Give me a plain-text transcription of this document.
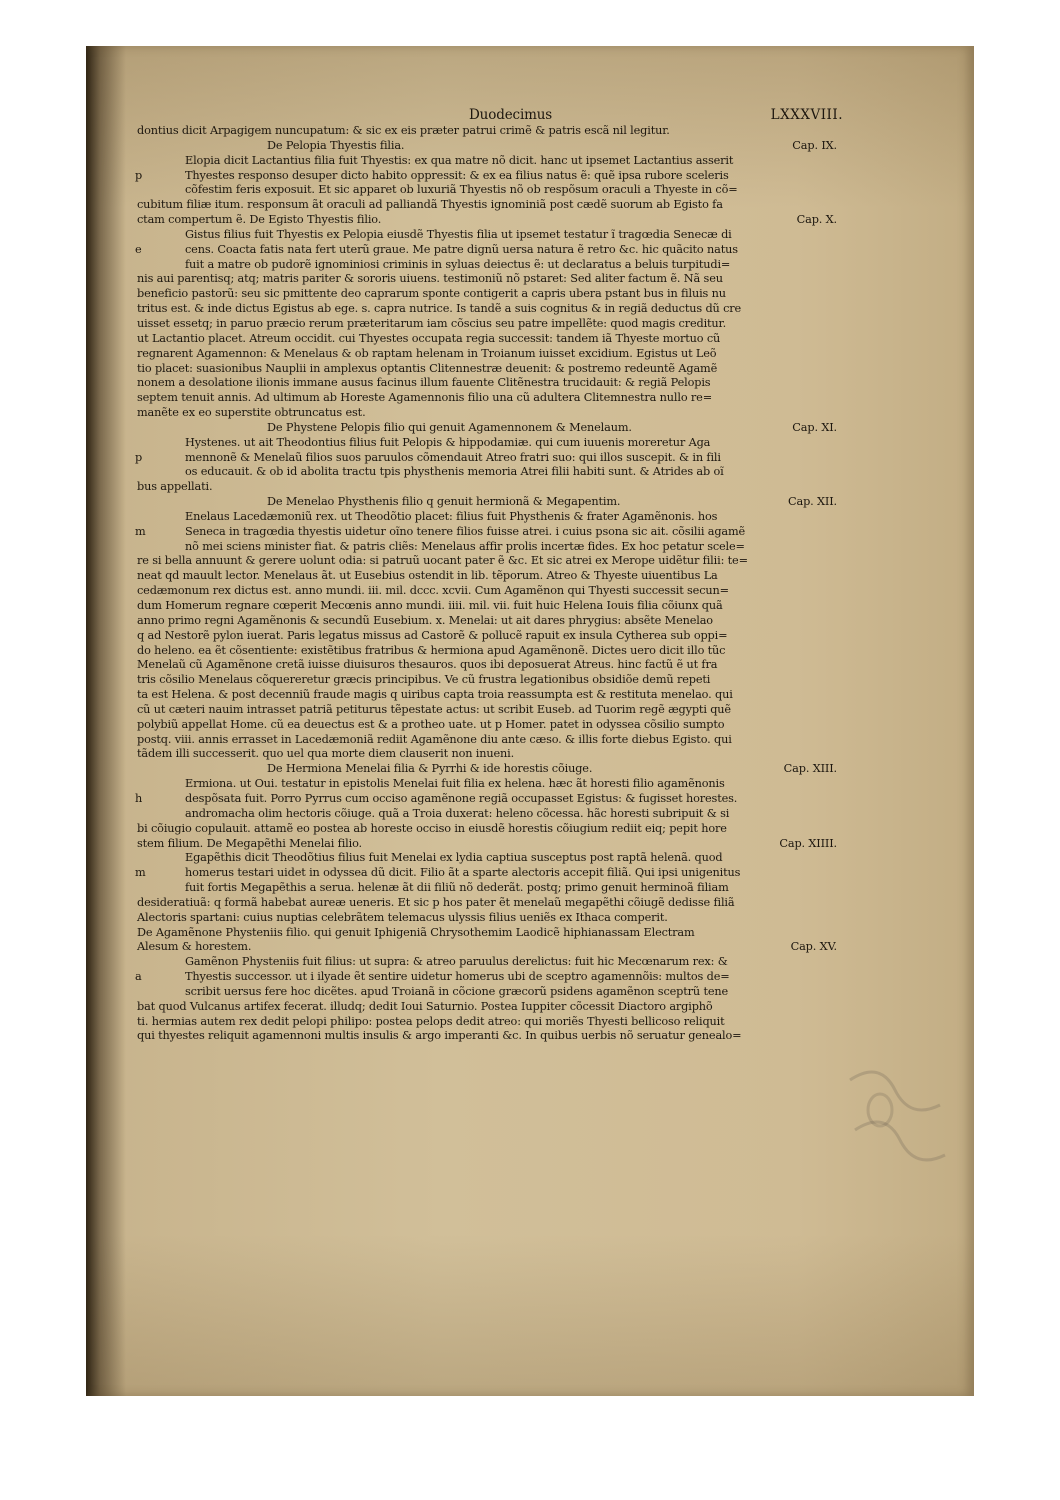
Duodecimus	LXXXVIII.
dontius dicit Arpagigem nuncupatum: & sic ex eis præter patrui crimẽ & patris escã nil legitur.
De Pelopia Thyestis filia.	Cap. IX.
Elopia dicit Lactantius filia fuit Thyestis: ex qua matre nõ dicit. hanc ut ipsemet Lactantius asserit
p	Thyestes responso desuper dicto habito oppressit: & ex ea filius natus ẽ: quẽ ipsa rubore sceleris
cõfestim feris exposuit. Et sic apparet ob luxuriã Thyestis nõ ob respõsum oraculi a Thyeste in cõ=
cubitum filiæ itum. responsum ãt oraculi ad palliandã Thyestis ignominiã post cædẽ suorum ab Egisto fa
ctam compertum ẽ. De Egisto Thyestis filio.	Cap. X.
Gistus filius fuit Thyestis ex Pelopia eiusdẽ Thyestis filia ut ipsemet testatur ĩ tragœdia Senecæ di
e	cens. Coacta fatis nata fert uterũ graue. Me patre dignũ uersa natura ẽ retro &c. hic quãcito natus
fuit a matre ob pudorẽ ignominiosi criminis in syluas deiectus ẽ: ut declaratus a beluis turpitudi=
nis aui parentisq; atq; matris pariter & sororis uiuens. testimoniũ nõ pstaret: Sed aliter factum ẽ. Nã seu
beneficio pastorũ: seu sic pmittente deo caprarum sponte contigerit a capris ubera pstant bus in filuis nu
tritus est. & inde dictus Egistus ab ege. s. capra nutrice. Is tandẽ a suis cognitus & in regiã deductus dũ cre
uisset essetq; in paruo præcio rerum præteritarum iam cõscius seu patre impellẽte: quod magis creditur.
ut Lactantio placet. Atreum occidit. cui Thyestes occupata regia successit: tandem iã Thyeste mortuo cũ
regnarent Agamennon: & Menelaus & ob raptam helenam in Troianum iuisset excidium. Egistus ut Leõ
tio placet: suasionibus Nauplii in amplexus optantis Clitennestræ deuenit: & postremo redeuntẽ Agamẽ
nonem a desolatione ilionis immane ausus facinus illum fauente Clitẽnestra trucidauit: & regiã Pelopis
septem tenuit annis. Ad ultimum ab Horeste Agamennonis filio una cũ adultera Clitemnestra nullo re=
manẽte ex eo superstite obtruncatus est.
De Phystene Pelopis filio qui genuit Agamennonem & Menelaum.	Cap. XI.
Hystenes. ut ait Theodontius filius fuit Pelopis & hippodamiæ. qui cum iuuenis moreretur Aga
p	mennonẽ & Menelaũ filios suos paruulos cõmendauit Atreo fratri suo: qui illos suscepit. & in fili
os educauit. & ob id abolita tractu tpis physthenis memoria Atrei filii habiti sunt. & Atrides ab oĩ
bus appellati.
De Menelao Physthenis filio q genuit hermionã & Megapentim.	Cap. XII.
Enelaus Lacedæmoniũ rex. ut Theodõtio placet: filius fuit Physthenis & frater Agamẽnonis. hos
m	Seneca in tragœdia thyestis uidetur oĩno tenere filios fuisse atrei. i cuius psona sic ait. cõsilii agamẽ
nõ mei sciens minister fiat. & patris cliẽs: Menelaus affir prolis incertæ fides. Ex hoc petatur scele=
re si bella annuunt & gerere uolunt odia: si patruũ uocant pater ẽ &c. Et sic atrei ex Merope uidẽtur filii: te=
neat qd mauult lector. Menelaus ãt. ut Eusebius ostendit in lib. tẽporum. Atreo & Thyeste uiuentibus La
cedæmonum rex dictus est. anno mundi. iii. mil. dccc. xcvii. Cum Agamẽnon qui Thyesti successit secun=
dum Homerum regnare cœperit Mecœnis anno mundi. iiii. mil. vii. fuit huic Helena Iouis filia cõiunx quã
anno primo regni Agamẽnonis & secundũ Eusebium. x. Menelai: ut ait dares phrygius: absẽte Menelao
q ad Nestorẽ pylon iuerat. Paris legatus missus ad Castorẽ & pollucẽ rapuit ex insula Cytherea sub oppi=
do heleno. ea ẽt cõsentiente: existẽtibus fratribus & hermiona apud Agamẽnonẽ. Dictes uero dicit illo tũc
Menelaũ cũ Agamẽnone cretã iuisse diuisuros thesauros. quos ibi deposuerat Atreus. hinc factũ ẽ ut fra
tris cõsilio Menelaus cõquereretur græcis principibus. Ve cũ frustra legationibus obsidiõe demũ repeti
ta est Helena. & post decenniũ fraude magis q uiribus capta troia reassumpta est & restituta menelao. qui
cũ ut cæteri nauim intrasset patriã petiturus tẽpestate actus: ut scribit Euseb. ad Tuorim regẽ ægypti quẽ
polybiũ appellat Home. cũ ea deuectus est & a protheo uate. ut p Homer. patet in odyssea cõsilio sumpto
postq. viii. annis errasset in Lacedæmoniã rediit Agamẽnone diu ante cæso. & illis forte diebus Egisto. qui
tãdem illi successerit. quo uel qua morte diem clauserit non inueni.
De Hermiona Menelai filia & Pyrrhi & ide horestis cõiuge.	Cap. XIII.
Ermiona. ut Oui. testatur in epistolis Menelai fuit filia ex helena. hæc ãt horesti filio agamẽnonis
h	despõsata fuit. Porro Pyrrus cum occiso agamẽnone regiã occupasset Egistus: & fugisset horestes.
andromacha olim hectoris cõiuge. quã a Troia duxerat: heleno cõcessa. hãc horesti subripuit & si
bi cõiugio copulauit. attamẽ eo postea ab horeste occiso in eiusdẽ horestis cõiugium rediit eiq; pepit hore
stem filium. De Megapẽthi Menelai filio.	Cap. XIIII.
Egapẽthis dicit Theodõtius filius fuit Menelai ex lydia captiua susceptus post raptã helenã. quod
m	homerus testari uidet in odyssea dũ dicit. Filio ãt a sparte alectoris accepit filiã. Qui ipsi unigenitus
fuit fortis Megapẽthis a serua. helenæ ãt dii filiũ nõ dederãt. postq; primo genuit herminoã filiam
desideratiuã: q formã habebat aureæ ueneris. Et sic p hos pater ẽt menelaũ megapẽthi cõiugẽ dedisse filiã
Alectoris spartani: cuius nuptias celebrãtem telemacus ulyssis filius ueniẽs ex Ithaca comperit.
De Agamẽnone Physteniis filio. qui genuit Iphigeniã Chrysothemim Laodicẽ hiphianassam Electram
Alesum & horestem.	Cap. XV.
Gamẽnon Physteniis fuit filius: ut supra: & atreo paruulus derelictus: fuit hic Mecœnarum rex: &
a	Thyestis successor. ut i ilyade ẽt sentire uidetur homerus ubi de sceptro agamennõis: multos de=
scribit uersus fere hoc dicẽtes. apud Troianã in cõcione græcorũ psidens agamẽnon sceptrũ tene
bat quod Vulcanus artifex fecerat. illudq; dedit Ioui Saturnio. Postea Iuppiter cõcessit Diactoro argiphõ
ti. hermias autem rex dedit pelopi philipo: postea pelops dedit atreo: qui moriẽs Thyesti bellicoso reliquit
qui thyestes reliquit agamennoni multis insulis & argo imperanti &c. In quibus uerbis nõ seruatur genealo=
